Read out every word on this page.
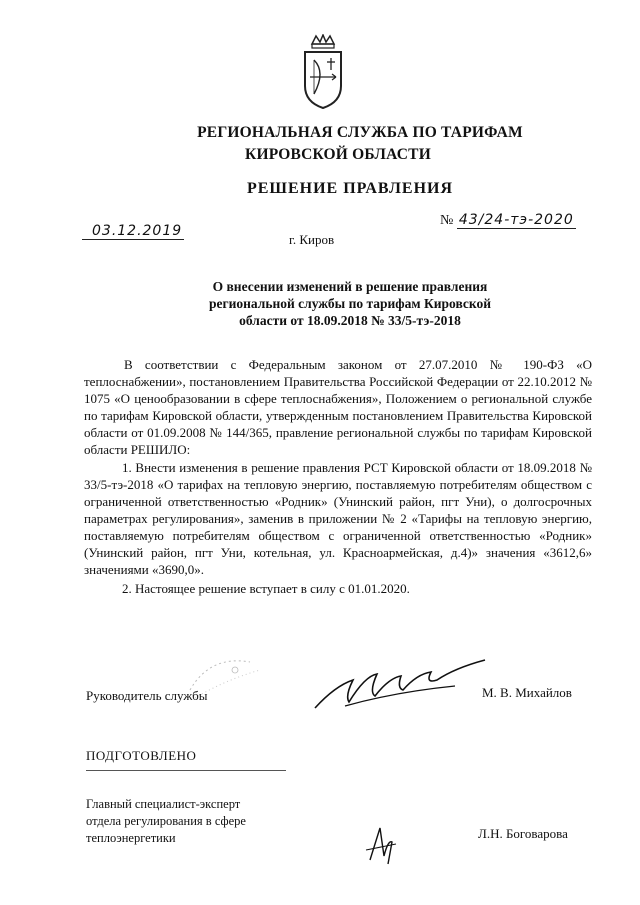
РЕГИОНАЛЬНАЯ СЛУЖБА ПО ТАРИФАМ
КИРОВСКОЙ ОБЛАСТИ
РЕШЕНИЕ ПРАВЛЕНИЯ
03.12.2019
№ 43/24-тэ-2020
г. Киров
О внесении изменений в решение правления
региональной службы по тарифам Кировской
области от 18.09.2018 № 33/5-тэ-2018

В соответствии с Федеральным законом от 27.07.2010 № 190-ФЗ «О теплоснабжении», постановлением Правительства Российской Федерации от 22.10.2012 № 1075 «О ценообразовании в сфере теплоснабжения», Положением о региональной службе по тарифам Кировской области, утвержденным постановлением Правительства Кировской области от 01.09.2008 № 144/365, правление региональной службы по тарифам Кировской области РЕШИЛО:

1. Внести изменения в решение правления РСТ Кировской области от 18.09.2018 № 33/5-тэ-2018 «О тарифах на тепловую энергию, поставляемую потребителям обществом с ограниченной ответственностью «Родник» (Унинский район, пгт Уни), о долгосрочных параметрах регулирования», заменив в приложении № 2 «Тарифы на тепловую энергию, поставляемую потребителям обществом с ограниченной ответственностью «Родник» (Унинский район, пгт Уни, котельная, ул. Красноармейская, д.4)» значения «3612,6» значениями «3690,0».

2. Настоящее решение вступает в силу с 01.01.2020.

Руководитель службы	М. В. Михайлов
ПОДГОТОВЛЕНО
Главный специалист-эксперт
отдела регулирования в сфере
теплоэнергетики	Л.Н. Боговарова
